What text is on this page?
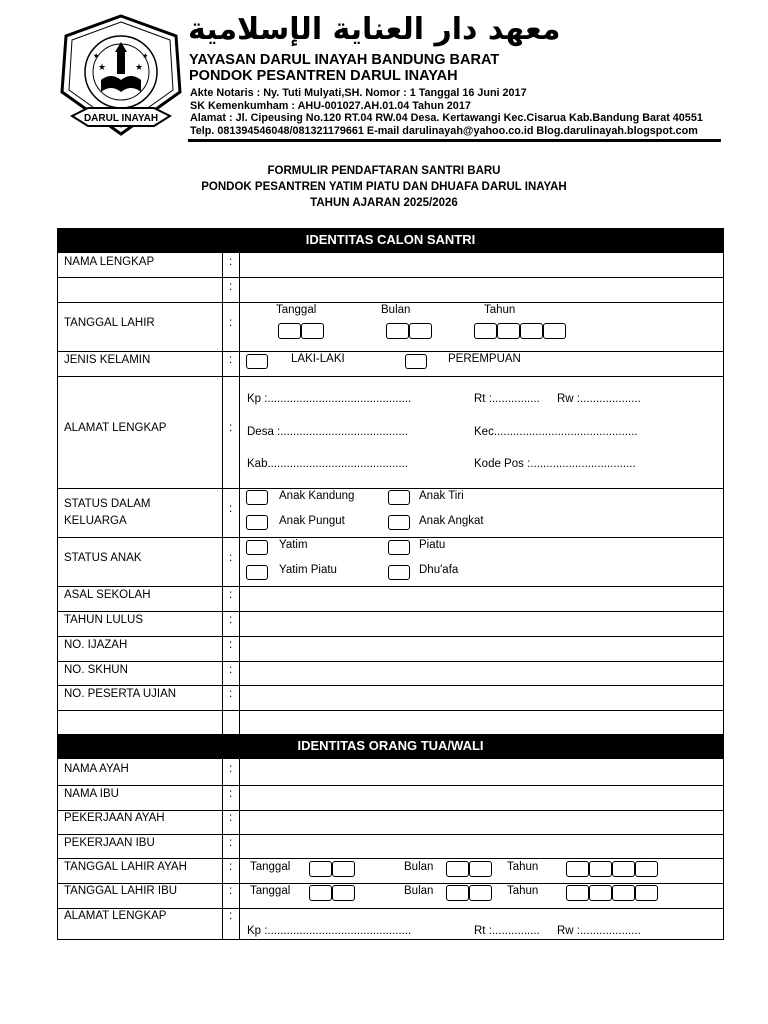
★	★
★	★
DARUL INAYAH
معهد دار العناية الإسلامية
YAYASAN DARUL INAYAH BANDUNG BARAT
PONDOK PESANTREN DARUL INAYAH
Akte Notaris : Ny. Tuti Mulyati,SH. Nomor : 1 Tanggal 16 Juni 2017
SK Kemenkumham : AHU-001027.AH.01.04 Tahun 2017
Alamat : Jl. Cipeusing No.120 RT.04 RW.04 Desa. Kertawangi Kec.Cisarua Kab.Bandung Barat 40551
Telp. 081394546048/081321179661 E-mail darulinayah@yahoo.co.id Blog.darulinayah.blogspot.com
FORMULIR PENDAFTARAN SANTRI BARU
PONDOK PESANTREN YATIM PIATU DAN DHUAFA DARUL INAYAH
TAHUN AJARAN 2025/2026
IDENTITAS CALON SANTRI
IDENTITAS ORANG TUA/WALI
NAMA LENGKAP	:
:
TANGGAL LAHIR	:
Tanggal	Bulan	Tahun
JENIS KELAMIN	:	LAKI-LAKI	PEREMPUAN
ALAMAT LENGKAP	:
Kp :.............................................	Rt :............... Rw :...................
Desa :........................................	Kec.............................................
Kab............................................	Kode Pos :.................................
STATUS DALAM
KELUARGA
:
Anak Kandung	Anak Tiri
Anak Pungut	Anak Angkat
STATUS ANAK	:
Yatim	Piatu
Yatim Piatu	Dhu'afa
ASAL SEKOLAH	:
TAHUN LULUS	:
NO. IJAZAH	:
NO. SKHUN	:
NO. PESERTA UJIAN	:
NAMA AYAH	:
NAMA IBU	:
PEKERJAAN AYAH	:
PEKERJAAN IBU	:
TANGGAL LAHIR AYAH	: Tanggal	Bulan	Tahun
TANGGAL LAHIR IBU	: Tanggal	Bulan	Tahun
ALAMAT LENGKAP	:
Kp :.............................................	Rt :............... Rw :...................
